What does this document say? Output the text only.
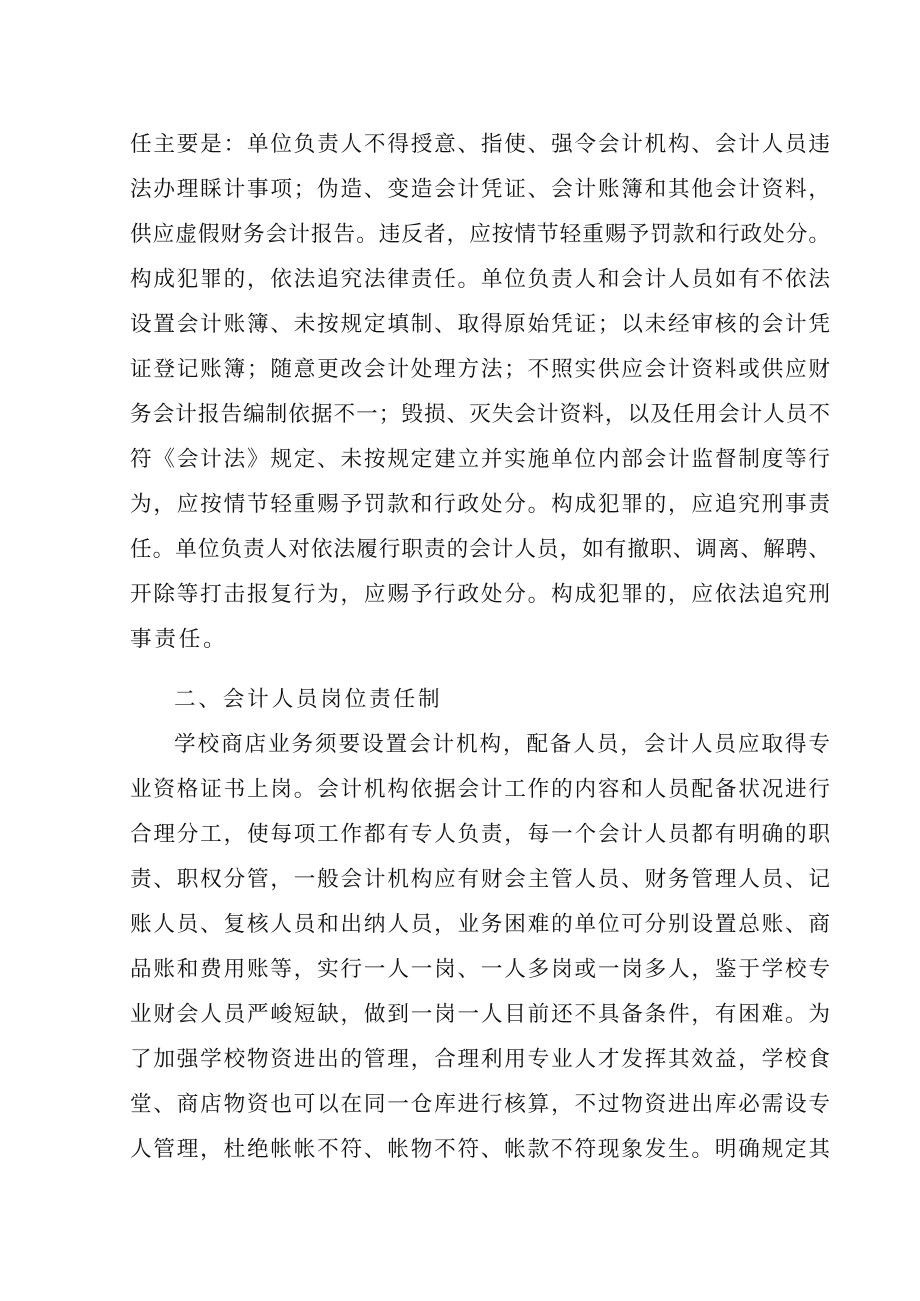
任主要是：单位负责人不得授意、指使、强令会计机构、会计人员违
法办理睬计事项；伪造、变造会计凭证、会计账簿和其他会计资料，
供应虚假财务会计报告。违反者，应按情节轻重赐予罚款和行政处分。
构成犯罪的，依法追究法律责任。单位负责人和会计人员如有不依法
设置会计账簿、未按规定填制、取得原始凭证；以未经审核的会计凭
证登记账簿；随意更改会计处理方法；不照实供应会计资料或供应财
务会计报告编制依据不一；毁损、灭失会计资料，以及任用会计人员不
符《会计法》规定、未按规定建立并实施单位内部会计监督制度等行
为，应按情节轻重赐予罚款和行政处分。构成犯罪的，应追究刑事责
任。单位负责人对依法履行职责的会计人员，如有撤职、调离、解聘、
开除等打击报复行为，应赐予行政处分。构成犯罪的，应依法追究刑
事责任。
二、会计人员岗位责任制
学校商店业务须要设置会计机构，配备人员，会计人员应取得专
业资格证书上岗。会计机构依据会计工作的内容和人员配备状况进行
合理分工，使每项工作都有专人负责，每一个会计人员都有明确的职
责、职权分管，一般会计机构应有财会主管人员、财务管理人员、记
账人员、复核人员和出纳人员，业务困难的单位可分别设置总账、商
品账和费用账等，实行一人一岗、一人多岗或一岗多人，鉴于学校专
业财会人员严峻短缺，做到一岗一人目前还不具备条件，有困难。为
了加强学校物资进出的管理，合理利用专业人才发挥其效益，学校食
堂、商店物资也可以在同一仓库进行核算，不过物资进出库必需设专
人管理，杜绝帐帐不符、帐物不符、帐款不符现象发生。明确规定其
